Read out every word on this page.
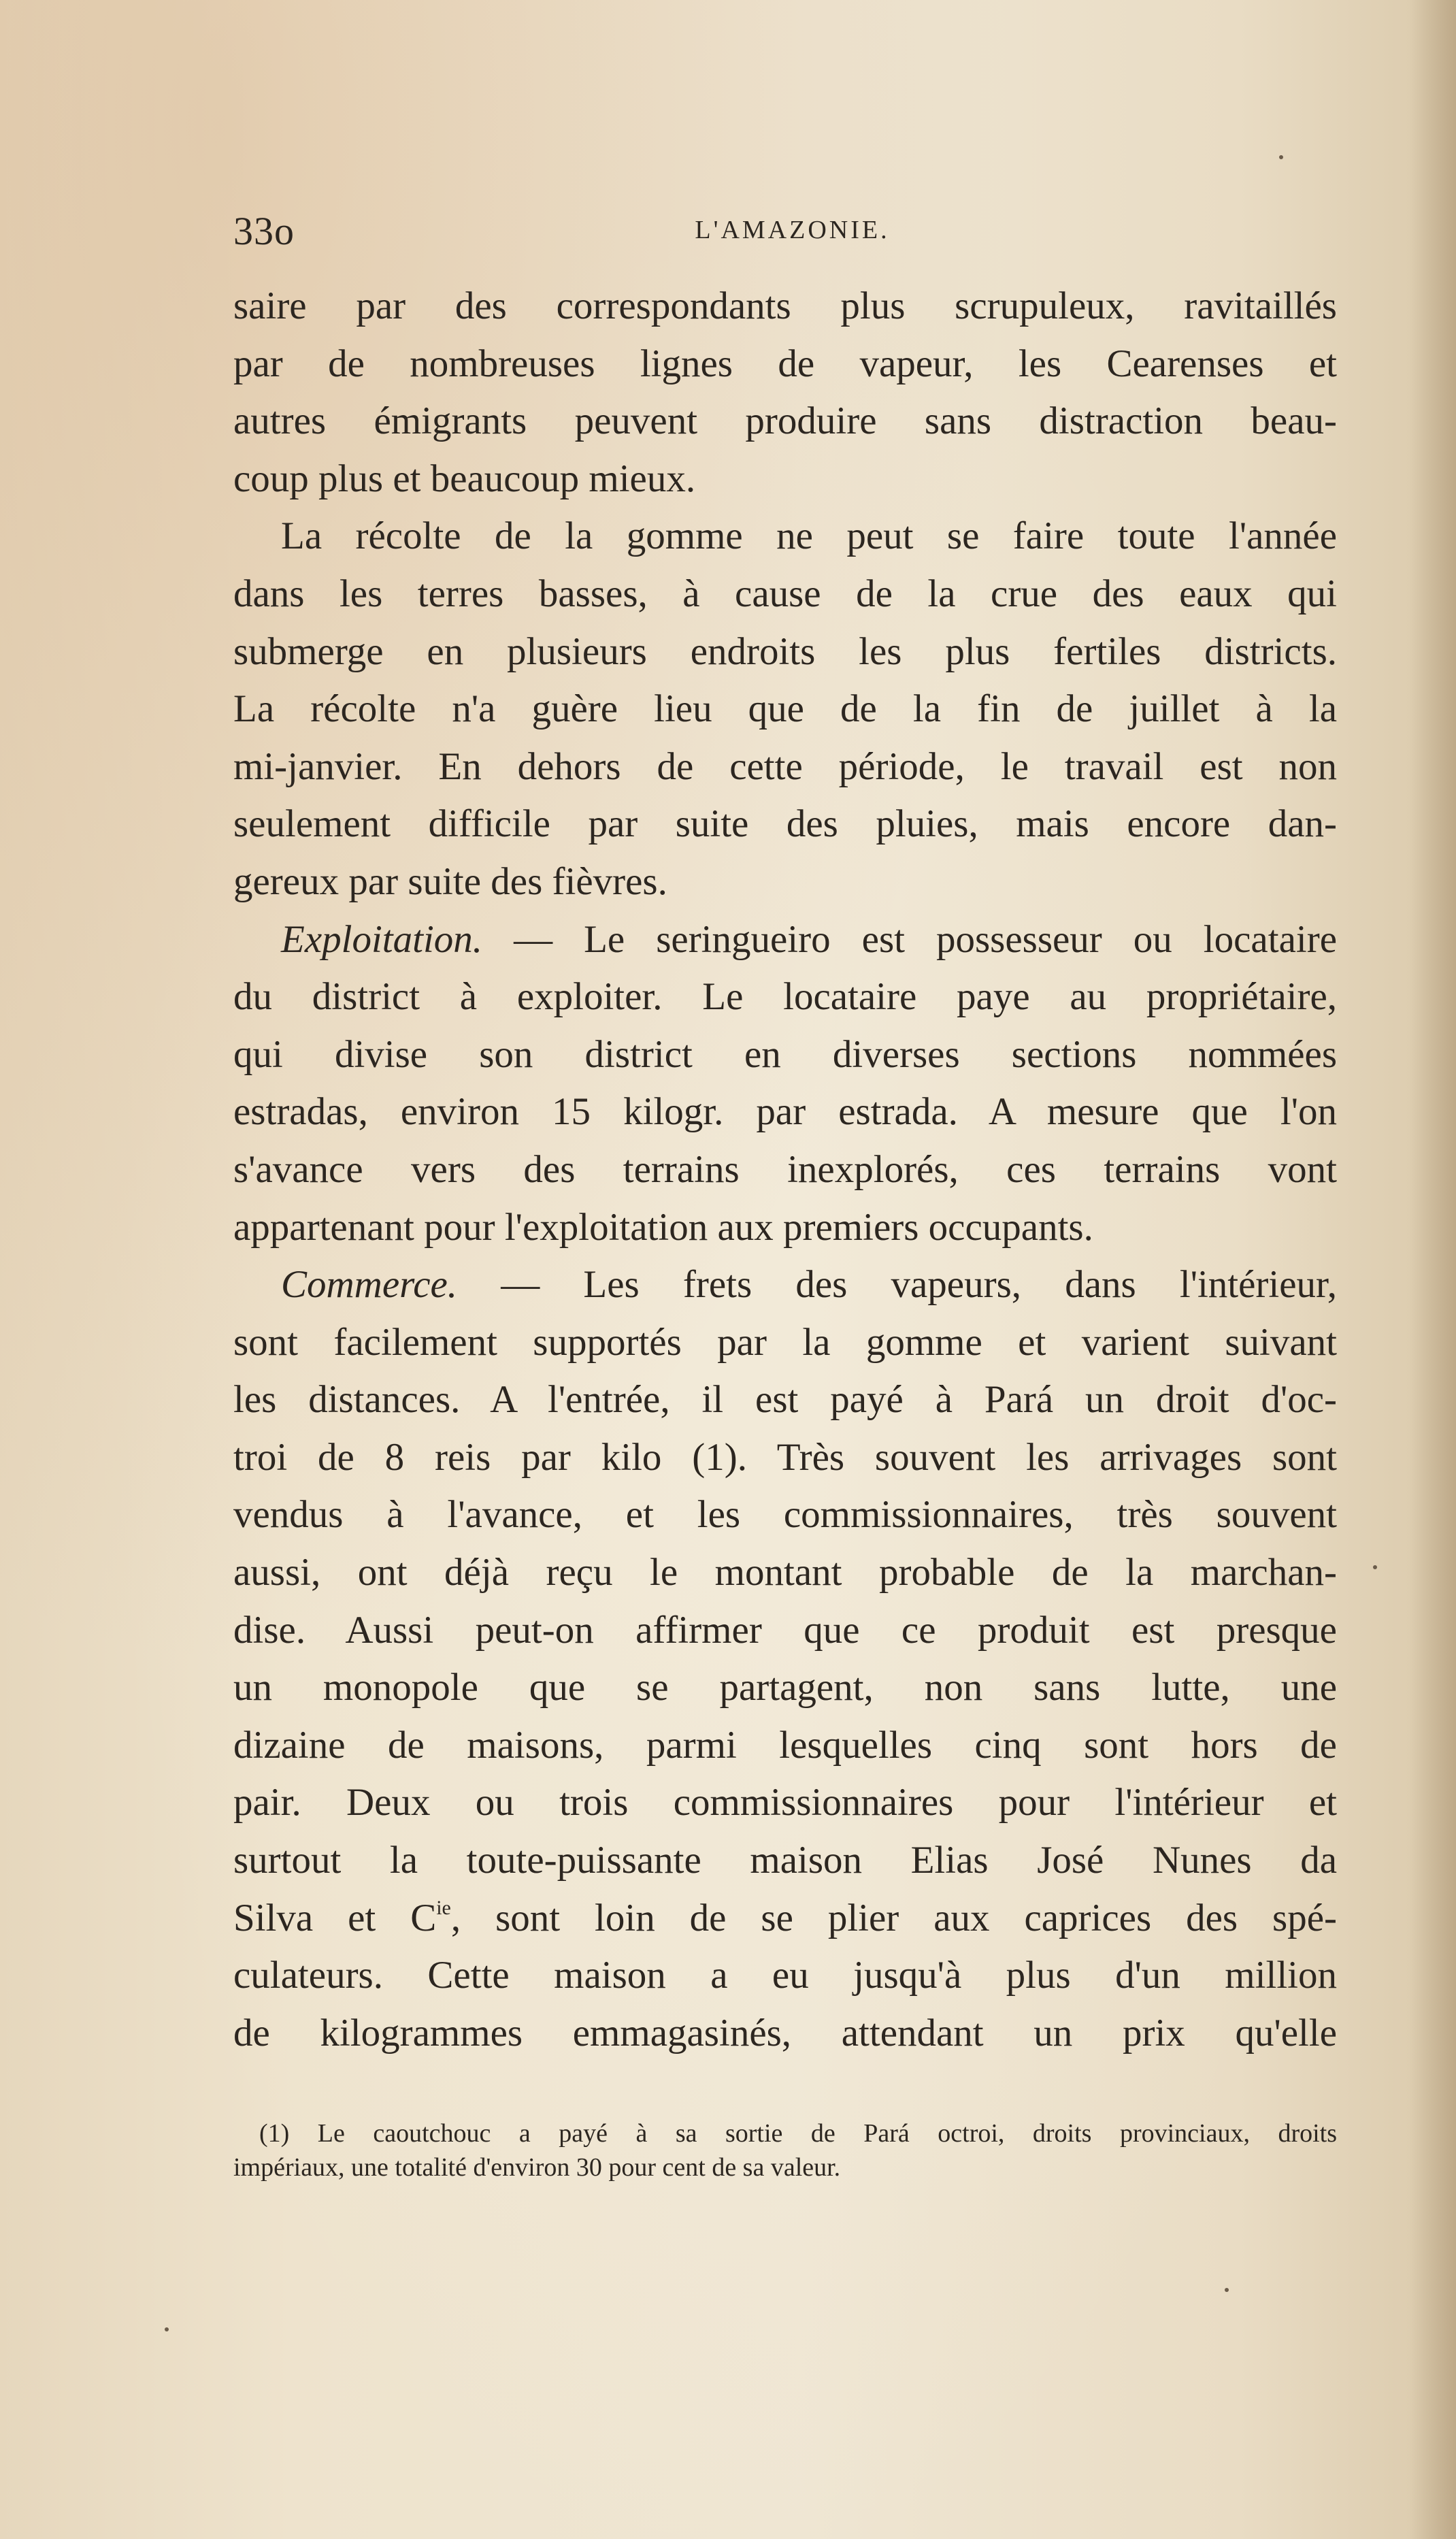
33o	L'AMAZONIE.

saire par des correspondants plus scrupuleux, ravitaillés

par de nombreuses lignes de vapeur, les Cearenses et

autres émigrants peuvent produire sans distraction beau-

coup plus et beaucoup mieux.

La récolte de la gomme ne peut se faire toute l'année

dans les terres basses, à cause de la crue des eaux qui

submerge en plusieurs endroits les plus fertiles districts.

La récolte n'a guère lieu que de la fin de juillet à la

mi-janvier. En dehors de cette période, le travail est non

seulement difficile par suite des pluies, mais encore dan-

gereux par suite des fièvres.

Exploitation. — Le seringueiro est possesseur ou locataire

du district à exploiter. Le locataire paye au propriétaire,

qui divise son district en diverses sections nommées

estradas, environ 15 kilogr. par estrada. A mesure que l'on

s'avance vers des terrains inexplorés, ces terrains vont

appartenant pour l'exploitation aux premiers occupants.

Commerce. — Les frets des vapeurs, dans l'intérieur,

sont facilement supportés par la gomme et varient suivant

les distances. A l'entrée, il est payé à Pará un droit d'oc-

troi de 8 reis par kilo (1). Très souvent les arrivages sont

vendus à l'avance, et les commissionnaires, très souvent

aussi, ont déjà reçu le montant probable de la marchan-

dise. Aussi peut-on affirmer que ce produit est presque

un monopole que se partagent, non sans lutte, une

dizaine de maisons, parmi lesquelles cinq sont hors de

pair. Deux ou trois commissionnaires pour l'intérieur et

surtout la toute-puissante maison Elias José Nunes da

Silva et $C^{ie}$, sont loin de se plier aux caprices des spé-

culateurs. Cette maison a eu jusqu'à plus d'un million

de kilogrammes emmagasinés, attendant un prix qu'elle

(1) Le caoutchouc a payé à sa sortie de Pará octroi, droits provinciaux, droits

impériaux, une totalité d'environ 30 pour cent de sa valeur.
